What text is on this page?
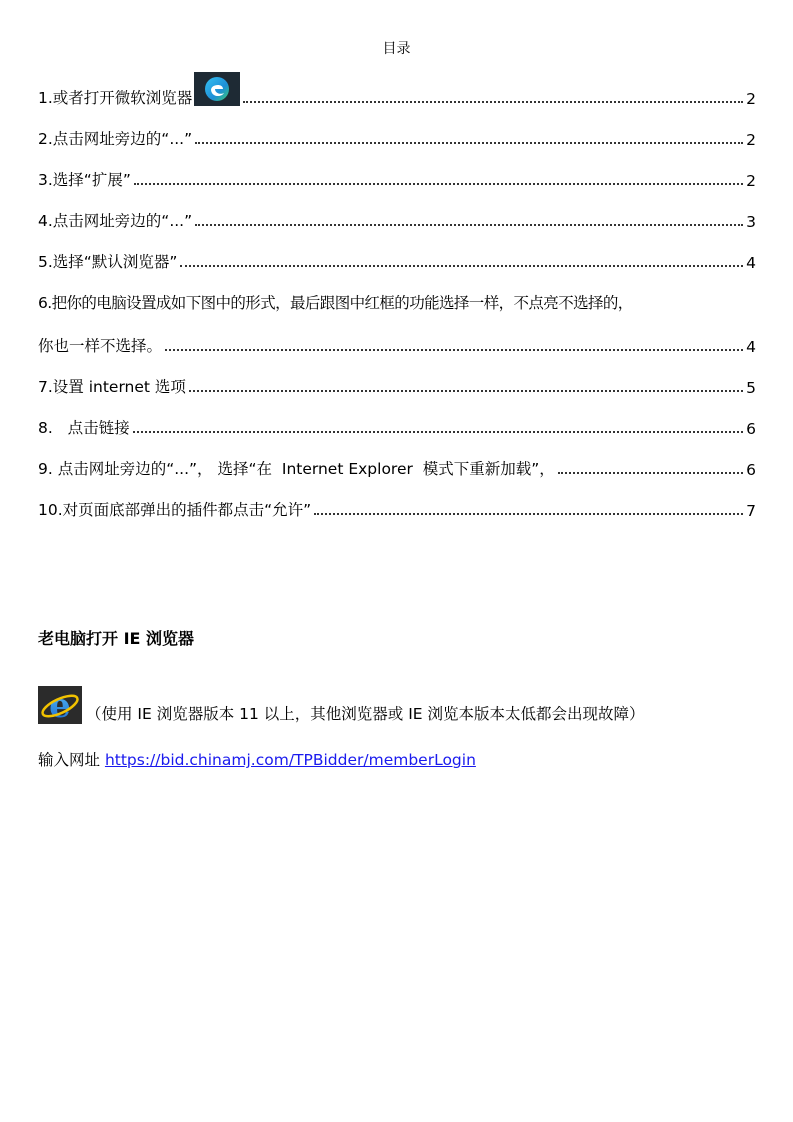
目录
1.或者打开微软浏览器	2
2.点击网址旁边的“...”	2
3.选择“扩展”	2
4.点击网址旁边的“...”	3
5.选择“默认浏览器”	4
6.把你的电脑设置成如下图中的形式，最后跟图中红框的功能选择一样，不点亮不选择的，
你也一样不选择。	4
7.设置 internet 选项	5
8.   点击链接	6
9. 点击网址旁边的“...”， 选择“在  Internet Explorer  模式下重新加载”，	6
10.对页面底部弹出的插件都点击“允许”	7
老电脑打开 IE 浏览器
e （使用 IE 浏览器版本 11 以上，其他浏览器或 IE 浏览本版本太低都会出现故障）
输入网址 https://bid.chinamj.com/TPBidder/memberLogin
